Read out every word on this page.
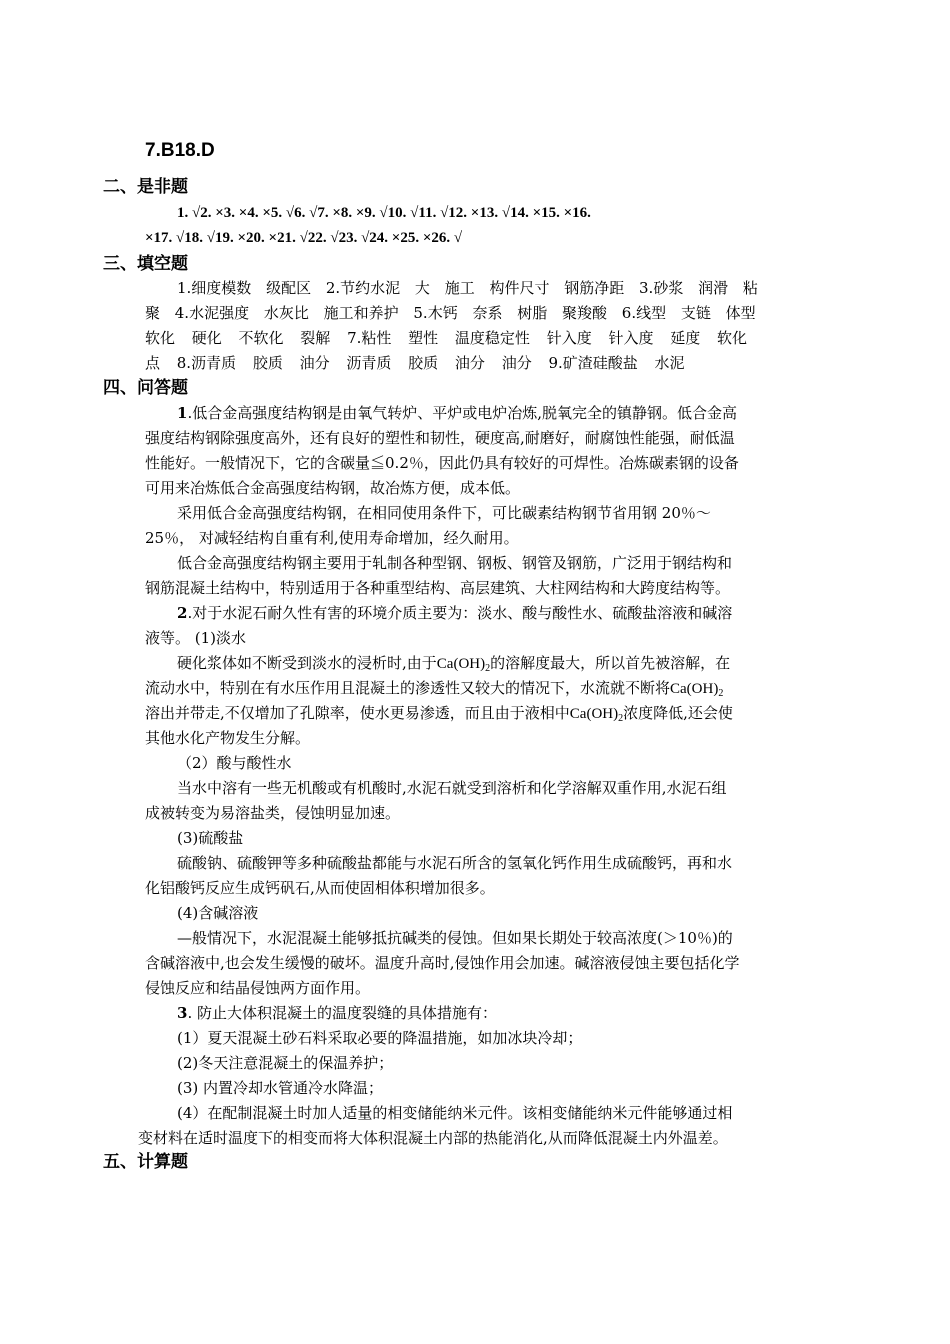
7.B18.D
二、是非题
1. √2. ×3. ×4. ×5. √6. √7. ×8. ×9. √10. √11. √12. ×13. √14. ×15. ×16.
×17. √18. √19. ×20. ×21. √22. √23. √24. ×25. ×26. √
三、填空题
1.细度模数 级配区 2.节约水泥 大 施工 构件尺寸 钢筋净距 3.砂浆 润滑 粘
聚 4.水泥强度 水灰比 施工和养护 5.木钙 奈系 树脂 聚羧酸 6.线型 支链 体型
软化 硬化 不软化 裂解 7.粘性 塑性 温度稳定性 针入度 针入度 延度 软化
点 8.沥青质 胶质 油分 沥青质 胶质 油分 油分 9.矿渣硅酸盐 水泥
四、问答题
1.低合金高强度结构钢是由氧气转炉、平炉或电炉冶炼,脱氧完全的镇静钢。低合金高
强度结构钢除强度高外，还有良好的塑性和韧性，硬度高,耐磨好，耐腐蚀性能强，耐低温
性能好。一般情况下，它的含碳量≦0.2％，因此仍具有较好的可焊性。冶炼碳素钢的设备
可用来冶炼低合金高强度结构钢，故冶炼方便，成本低。
采用低合金高强度结构钢，在相同使用条件下，可比碳素结构钢节省用钢 20％～
25％， 对减轻结构自重有利,使用寿命增加，经久耐用。
低合金高强度结构钢主要用于轧制各种型钢、钢板、钢管及钢筋，广泛用于钢结构和
钢筋混凝土结构中，特别适用于各种重型结构、高层建筑、大柱网结构和大跨度结构等。
2.对于水泥石耐久性有害的环境介质主要为：淡水、酸与酸性水、硫酸盐溶液和碱溶
液等。 (1)淡水
硬化浆体如不断受到淡水的浸析时,由于$Ca(OH)_2$的溶解度最大，所以首先被溶解，在
流动水中，特别在有水压作用且混凝土的渗透性又较大的情况下，水流就不断将$Ca(OH)_2$
溶出并带走,不仅增加了孔隙率，使水更易渗透，而且由于液相中$Ca(OH)_2$浓度降低,还会使
其他水化产物发生分解。
（2）酸与酸性水
当水中溶有一些无机酸或有机酸时,水泥石就受到溶析和化学溶解双重作用,水泥石组
成被转变为易溶盐类，侵蚀明显加速。
(3)硫酸盐
硫酸钠、硫酸钾等多种硫酸盐都能与水泥石所含的氢氧化钙作用生成硫酸钙，再和水
化铝酸钙反应生成钙矾石,从而使固相体积增加很多。
(4)含碱溶液
—般情况下，水泥混凝土能够抵抗碱类的侵蚀。但如果长期处于较高浓度(＞10％)的
含碱溶液中,也会发生缓慢的破坏。温度升高时,侵蚀作用会加速。碱溶液侵蚀主要包括化学
侵蚀反应和结晶侵蚀两方面作用。
3. 防止大体积混凝土的温度裂缝的具体措施有：
(1）夏天混凝土砂石料采取必要的降温措施，如加冰块冷却；
(2)冬天注意混凝土的保温养护；
(3) 内置冷却水管通冷水降温；
(4）在配制混凝土时加人适量的相变储能纳米元件。该相变储能纳米元件能够通过相
变材料在适时温度下的相变而将大体积混凝土内部的热能消化,从而降低混凝土内外温差。
五、计算题
